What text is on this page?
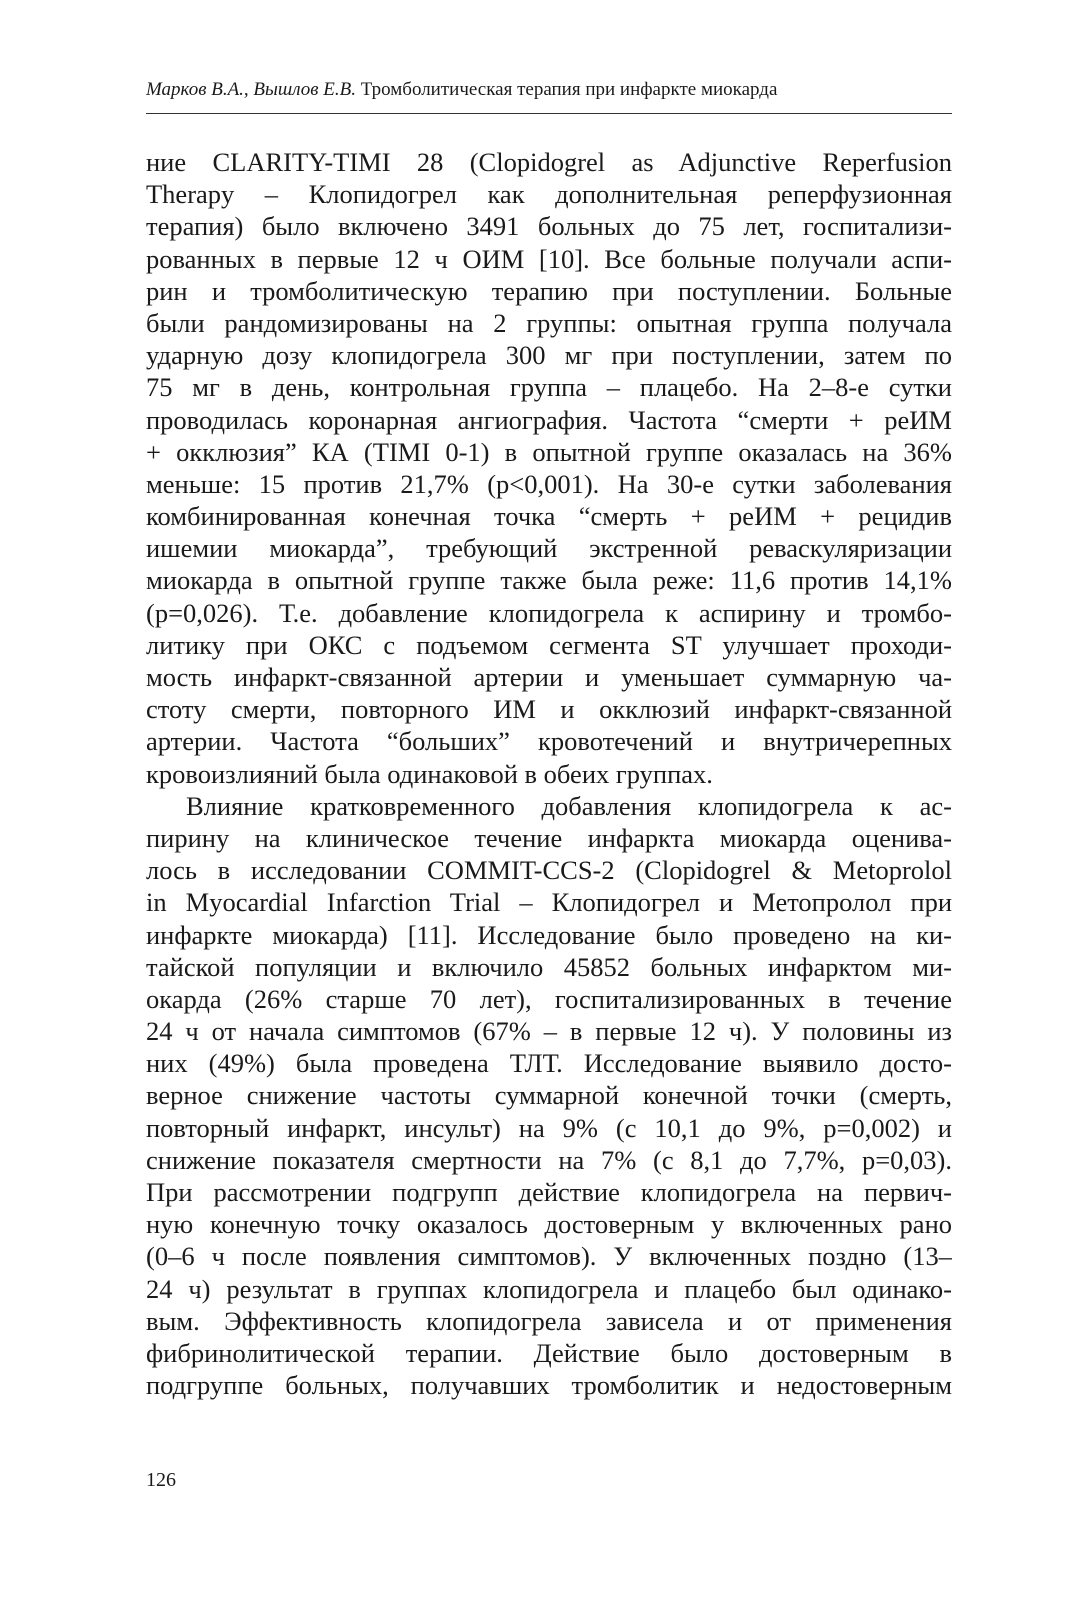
Марков В.А., Вышлов Е.В. Тромболитическая терапия при инфаркте миокарда
ние CLARITY-TIMI 28 (Clopidogrel as Adjunctive Reperfusion
Therapy – Клопидогрел как дополнительная реперфузионная
терапия) было включено 3491 больных до 75 лет, госпитализи-
рованных в первые 12 ч ОИМ [10]. Все больные получали аспи-
рин и тромболитическую терапию при поступлении. Больные
были рандомизированы на 2 группы: опытная группа получала
ударную дозу клопидогрела 300 мг при поступлении, затем по
75 мг в день, контрольная группа – плацебо. На 2–8-е сутки
проводилась коронарная ангиография. Частота “смерти + реИМ
+ окклюзия” КА (TIMI 0-1) в опытной группе оказалась на 36%
меньше: 15 против 21,7% (p<0,001). На 30-е сутки заболевания
комбинированная конечная точка “смерть + реИМ + рецидив
ишемии миокарда”, требующий экстренной реваскуляризации
миокарда в опытной группе также была реже: 11,6 против 14,1%
(p=0,026). Т.е. добавление клопидогрела к аспирину и тромбо-
литику при ОКС с подъемом сегмента ST улучшает проходи-
мость инфаркт-связанной артерии и уменьшает суммарную ча-
стоту смерти, повторного ИМ и окклюзий инфаркт-связанной
артерии. Частота “больших” кровотечений и внутричерепных
кровоизлияний была одинаковой в обеих группах.
Влияние кратковременного добавления клопидогрела к ас-
пирину на клиническое течение инфаркта миокарда оценива-
лось в исследовании COMMIT-CCS-2 (Clopidogrel & Metoprolol
in Myocardial Infarction Trial – Клопидогрел и Метопролол при
инфаркте миокарда) [11]. Исследование было проведено на ки-
тайской популяции и включило 45852 больных инфарктом ми-
окарда (26% старше 70 лет), госпитализированных в течение
24 ч от начала симптомов (67% – в первые 12 ч). У половины из
них (49%) была проведена ТЛТ. Исследование выявило досто-
верное снижение частоты суммарной конечной точки (смерть,
повторный инфаркт, инсульт) на 9% (с 10,1 до 9%, p=0,002) и
снижение показателя смертности на 7% (с 8,1 до 7,7%, p=0,03).
При рассмотрении подгрупп действие клопидогрела на первич-
ную конечную точку оказалось достоверным у включенных рано
(0–6 ч после появления симптомов). У включенных поздно (13–
24 ч) результат в группах клопидогрела и плацебо был одинако-
вым. Эффективность клопидогрела зависела и от применения
фибринолитической терапии. Действие было достоверным в
подгруппе больных, получавших тромболитик и недостоверным
126
